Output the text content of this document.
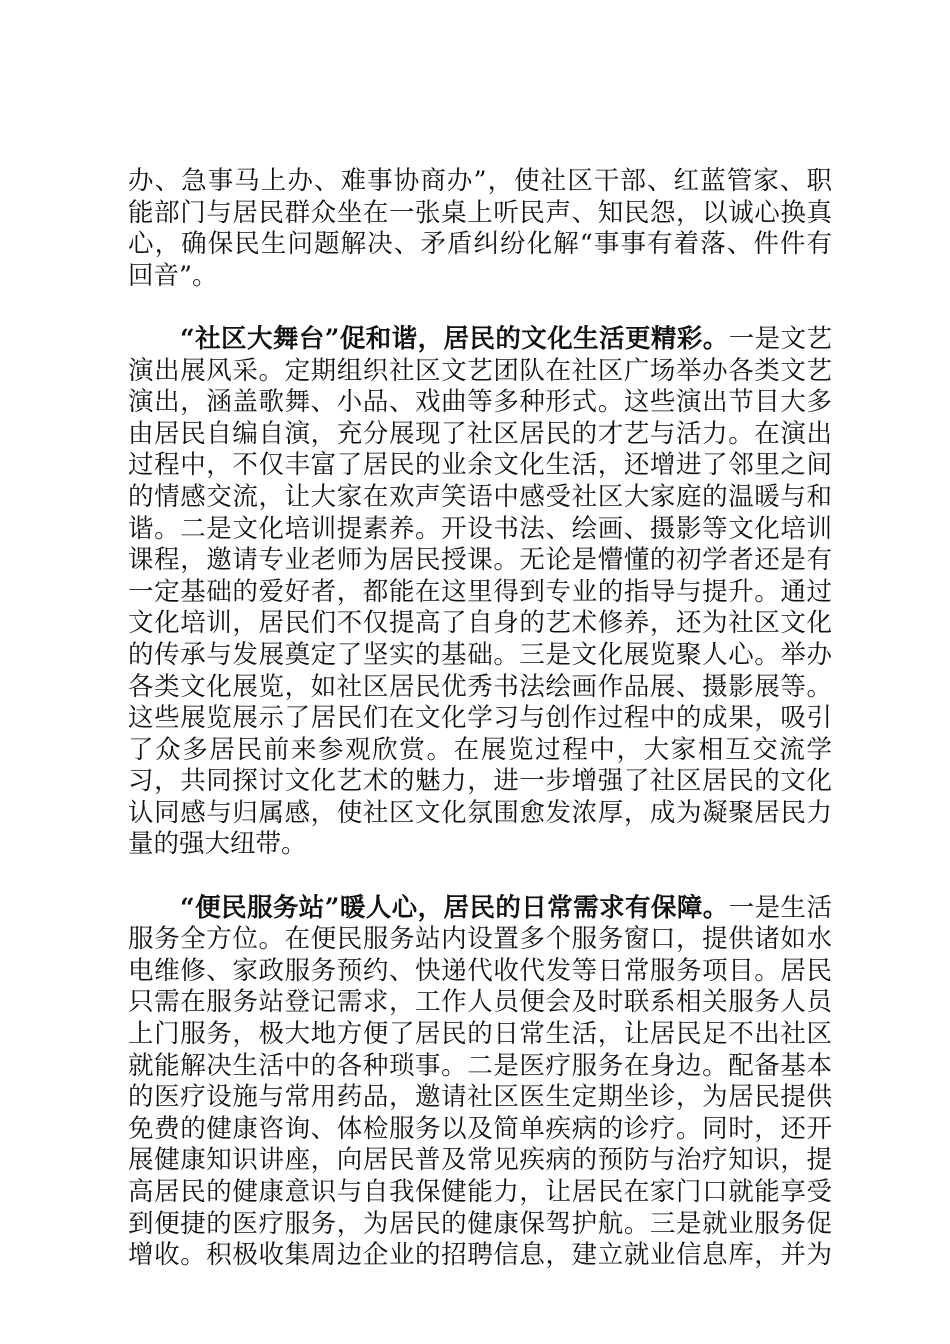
办、急事马上办、难事协商办”，使社区干部、红蓝管家、职
能部门与居民群众坐在一张桌上听民声、知民怨，以诚心换真
心，确保民生问题解决、矛盾纠纷化解“事事有着落、件件有
回音”。
“社区大舞台”促和谐，居民的文化生活更精彩。一是文艺
演出展风采。定期组织社区文艺团队在社区广场举办各类文艺
演出，涵盖歌舞、小品、戏曲等多种形式。这些演出节目大多
由居民自编自演，充分展现了社区居民的才艺与活力。在演出
过程中，不仅丰富了居民的业余文化生活，还增进了邻里之间
的情感交流，让大家在欢声笑语中感受社区大家庭的温暖与和
谐。二是文化培训提素养。开设书法、绘画、摄影等文化培训
课程，邀请专业老师为居民授课。无论是懵懂的初学者还是有
一定基础的爱好者，都能在这里得到专业的指导与提升。通过
文化培训，居民们不仅提高了自身的艺术修养，还为社区文化
的传承与发展奠定了坚实的基础。三是文化展览聚人心。举办
各类文化展览，如社区居民优秀书法绘画作品展、摄影展等。
这些展览展示了居民们在文化学习与创作过程中的成果，吸引
了众多居民前来参观欣赏。在展览过程中，大家相互交流学
习，共同探讨文化艺术的魅力，进一步增强了社区居民的文化
认同感与归属感，使社区文化氛围愈发浓厚，成为凝聚居民力
量的强大纽带。
“便民服务站”暖人心，居民的日常需求有保障。一是生活
服务全方位。在便民服务站内设置多个服务窗口，提供诸如水
电维修、家政服务预约、快递代收代发等日常服务项目。居民
只需在服务站登记需求，工作人员便会及时联系相关服务人员
上门服务，极大地方便了居民的日常生活，让居民足不出社区
就能解决生活中的各种琐事。二是医疗服务在身边。配备基本
的医疗设施与常用药品，邀请社区医生定期坐诊，为居民提供
免费的健康咨询、体检服务以及简单疾病的诊疗。同时，还开
展健康知识讲座，向居民普及常见疾病的预防与治疗知识，提
高居民的健康意识与自我保健能力，让居民在家门口就能享受
到便捷的医疗服务，为居民的健康保驾护航。三是就业服务促
增收。积极收集周边企业的招聘信息，建立就业信息库，并为
